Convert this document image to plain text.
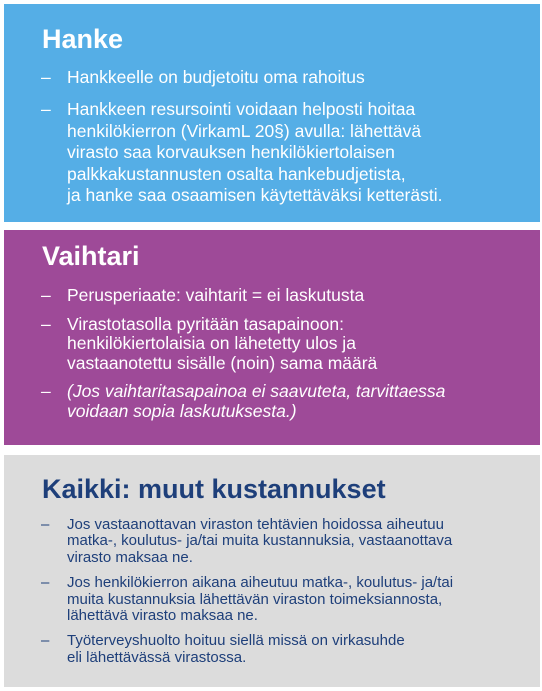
Hanke
– Hankkeelle on budjetoitu oma rahoitus
– Hankkeen resursointi voidaan helposti hoitaa
henkilökierron (VirkamL 20§) avulla: lähettävä
virasto saa korvauksen henkilökiertolaisen
palkkakustannusten osalta hankebudjetista,
ja hanke saa osaamisen käytettäväksi ketterästi.
Vaihtari
– Perusperiaate: vaihtarit = ei laskutusta
– Virastotasolla pyritään tasapainoon:
henkilökiertolaisia on lähetetty ulos ja
vastaanotettu sisälle (noin) sama määrä
– (Jos vaihtaritasapainoa ei saavuteta, tarvittaessa
voidaan sopia laskutuksesta.)
Kaikki: muut kustannukset
– Jos vastaanottavan viraston tehtävien hoidossa aiheutuu
matka-, koulutus- ja/tai muita kustannuksia, vastaanottava
virasto maksaa ne.
– Jos henkilökierron aikana aiheutuu matka-, koulutus- ja/tai
muita kustannuksia lähettävän viraston toimeksiannosta,
lähettävä virasto maksaa ne.
– Työterveyshuolto hoituu siellä missä on virkasuhde
eli lähettävässä virastossa.
